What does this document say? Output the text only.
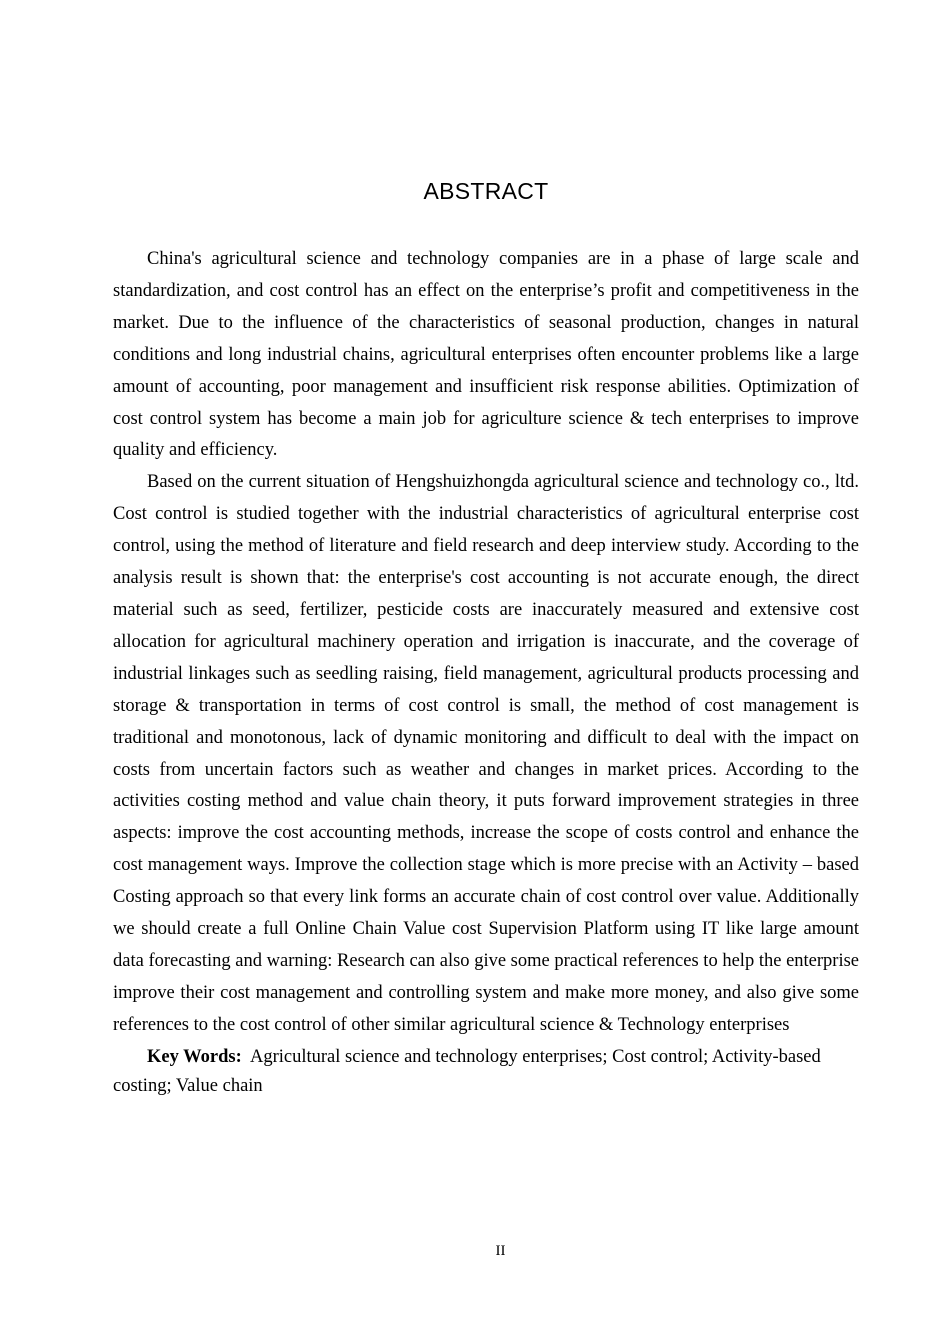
ABSTRACT

China's agricultural science and technology companies are in a phase of large scale and standardization, and cost control has an effect on the enterprise’s profit and competitiveness in the market. Due to the influence of the characteristics of seasonal production, changes in natural conditions and long industrial chains, agricultural enterprises often encounter problems like a large amount of accounting, poor management and insufficient risk response abilities. Optimization of cost control system has become a main job for agriculture science & tech enterprises to improve quality and efficiency.

Based on the current situation of Hengshuizhongda agricultural science and technology co., ltd. Cost control is studied together with the industrial characteristics of agricultural enterprise cost control, using the method of literature and field research and deep interview study. According to the analysis result is shown that: the enterprise's cost accounting is not accurate enough, the direct material such as seed, fertilizer, pesticide costs are inaccurately measured and extensive cost allocation for agricultural machinery operation and irrigation is inaccurate, and the coverage of industrial linkages such as seedling raising, field management, agricultural products processing and storage & transportation in terms of cost control is small, the method of cost management is traditional and monotonous, lack of dynamic monitoring and difficult to deal with the impact on costs from uncertain factors such as weather and changes in market prices. According to the activities costing method and value chain theory, it puts forward improvement strategies in three aspects: improve the cost accounting methods, increase the scope of costs control and enhance the cost management ways. Improve the collection stage which is more precise with an Activity – based Costing approach so that every link forms an accurate chain of cost control over value. Additionally we should create a full Online Chain Value cost Supervision Platform using IT like large amount data forecasting and warning: Research can also give some practical references to help the enterprise improve their cost management and controlling system and make more money, and also give some references to the cost control of other similar agricultural science & Technology enterprises

Key Words: Agricultural science and technology enterprises; Cost control; Activity-based costing; Value chain

II
